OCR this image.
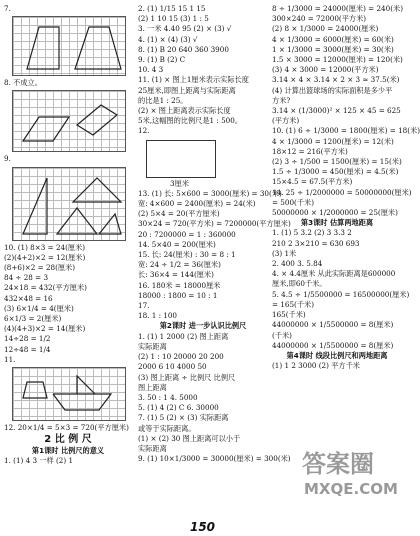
7.
8. 不成立。
9.
10. (1) 8×3 = 24(厘米)
(2)(4+2)×2 = 12(厘米)
(8+6)×2 = 28(厘米)
84 ÷ 28 = 3
24×18 = 432(平方厘米)
432×48 = 16
(3) 6×1/4 = 4(厘米)
6×1/3 = 2(厘米)
(4)(4+3)×2 = 14(厘米)
14÷28 = 1/2
12÷48 = 1/4
11.
12. 20×1/4 = 5×3 = 720(平方厘米)
2 比 例 尺
第1课时 比例尺的意义
1. (1) 4 3 一样 (2) 1
2. (1) 1/15 15 1 15
(2) 1 10 15 (3) 1 : 5
3. 一米 4.40 95 (2) × (3) √
4. (1) × (4) (3) √
8. (1) B 20 640 360 3900
9. (1) B (2) C
10. 4 3
11. (1) × 图上1厘米表示实际长度
25厘米,即图上距离与实际距离
的比是1 : 25。
(2) × 图上距离表示实际长度
5米,这幅图的比例尺是1 : 500。
12.
3厘米
13. (1) 长: 5×600 = 3000(厘米) = 30(米)
宽: 4×600 = 2400(厘米) = 24(米)
(2) 5×4 = 20(平方厘米)
30×24 = 720(平方米) = 7200000(平方厘米)
20 : 7200000 = 1 : 360000
14. 5×40 = 200(厘米)
15. 长: 24(厘米) : 30 = 8 : 1
宽: 24 ÷ 1/2 = 36(厘米)
长: 36×4 = 144(厘米)
16. 180米 = 18000厘米
18000 : 1800 = 10 : 1
17.
18. 1 : 100
第2课时 进一步认识比例尺
1. (1) 1 2000 (2) 图上距离
实际距离
(2) 1 : 10 20000 20 200
2000 6 10 4000 50
(3) 图上距离 ÷ 比例尺 比例尺
图上距离
3. 50 : 1 4. 5000
5. (1) 4 (2) C 6. 30000
7. (1) 5 (2) × (3) 实际距离
或等于实际距离。
(1) × (2) 30 图上距离可以小于
实际距离
9. (1) 10×1/3000 = 30000(厘米) = 300(米)
8 ÷ 1/3000 = 24000(厘米) = 240(米)
300×240 = 72000(平方米)
(2) 8 × 1/3000 = 24000(厘米)
4 × 1/3000 = 6000(厘米) = 60(米)
1 × 1/3000 = 3000(厘米) = 30(米)
1.5 × 3000 = 12000(厘米) = 120(米)
(3) 4 × 3000 = 12000(平方米)
3.14 × 4 × 3.14 × 2 × 3 ≈ 37.5(米)
(4) 计算出篮球场的实际面积是多少平
方米?
3.14 × (1/3000)² × 125 × 45 = 625
(平方米)
10. (1) 6 ÷ 1/3000 = 1800(厘米) = 18(米)
4 × 1/3000 = 1200(厘米) = 12(米)
18×12 = 216(平方米)
(2) 3 ÷ 1/500 = 1500(厘米) = 15(米)
1.5 ÷ 1/3000 = 450(厘米) = 4.5(米)
15×4.5 = 67.5(平方米)
14. 25 ÷ 1/2000000 = 50000000(厘米)
= 500(千米)
50000000 × 1/2000000 = 25(厘米)
第3课时 估算两地距离
1. (1) 5 3.2 (2) 3 3.3 2
210 2 3×210 = 630 693
(3) 1米
2. 400 3. 5.84
4. × 4.4厘米 从此实际距离是600000
厘米,即60千米。
5. 4.5 ÷ 1/5500000 = 16500000(厘米)
= 165(千米)
165(千米)
44000000 × 1/5500000 = 8(厘米)
(千米)
44000000 × 1/5500000 = 8(厘米)
第4课时 线段比例尺和两地距离
(1) 1 2 3000 (2) 平方千米
150
答案圈
MXQE.COM
